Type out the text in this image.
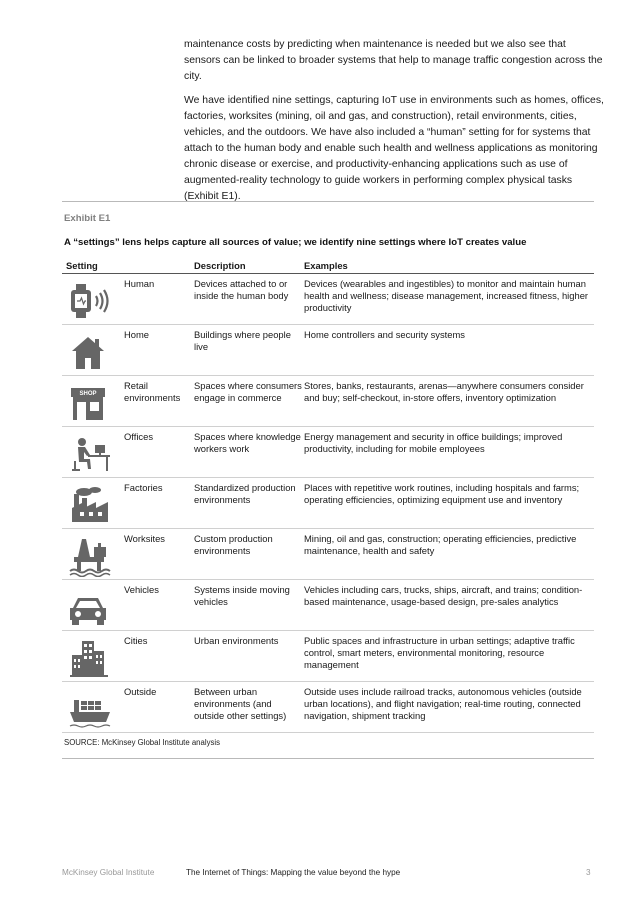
maintenance costs by predicting when maintenance is needed but we also see that sensors can be linked to broader systems that help to manage traffic congestion across the city.

We have identified nine settings, capturing IoT use in environments such as homes, offices, factories, worksites (mining, oil and gas, and construction), retail environments, cities, vehicles, and the outdoors. We have also included a “human” setting for for systems that attach to the human body and enable such health and wellness applications as monitoring chronic disease or exercise, and productivity-enhancing applications such as use of augmented-reality technology to guide workers in performing complex physical tasks (Exhibit E1).

Exhibit E1
A “settings” lens helps capture all sources of value; we identify nine settings where IoT creates value
Setting	Description	Examples
	Human	Devices attached to or inside the human body	Devices (wearables and ingestibles) to monitor and maintain human health and wellness; disease management, increased fitness, higher productivity

	Home	Buildings where people live	Home controllers and security systems

SHOP	Retail environments	Spaces where consumers engage in commerce	Stores, banks, restaurants, arenas—anywhere consumers consider and buy; self-checkout, in-store offers, inventory optimization

	Offices	Spaces where knowledge workers work	Energy management and security in office buildings; improved productivity, including for mobile employees

	Factories	Standardized production environments	Places with repetitive work routines, including hospitals and farms; operating efficiencies, optimizing equipment use and inventory

	Worksites	Custom production environments	Mining, oil and gas, construction; operating efficiencies, predictive maintenance, health and safety

	Vehicles	Systems inside moving vehicles	Vehicles including cars, trucks, ships, aircraft, and trains; condition-based maintenance, usage-based design, pre-sales analytics

	Cities	Urban environments	Public spaces and infrastructure in urban settings; adaptive traffic control, smart meters, environmental monitoring, resource management

	Outside	Between urban environments (and outside other settings)	Outside uses include railroad tracks, autonomous vehicles (outside urban locations), and flight navigation; real-time routing, connected navigation, shipment tracking
SOURCE: McKinsey Global Institute analysis
McKinsey Global Institute	The Internet of Things: Mapping the value beyond the hype	3
